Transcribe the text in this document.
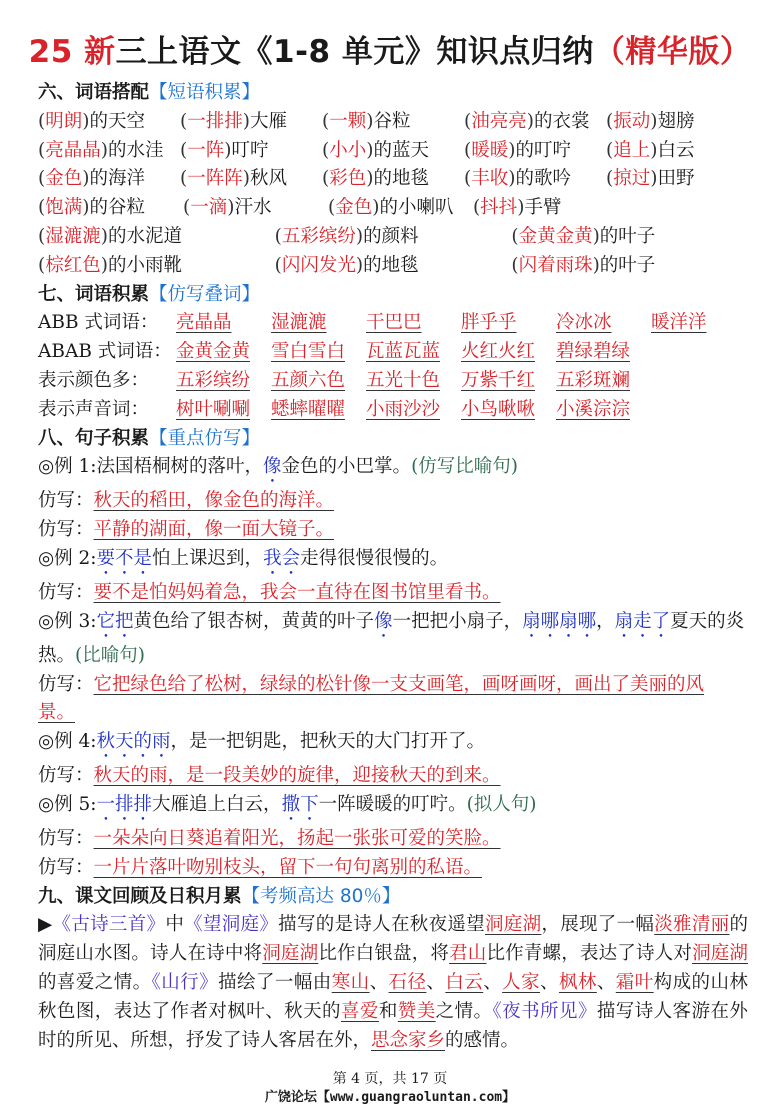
25 新三上语文《1-8 单元》知识点归纳（精华版）
六、词语搭配【短语积累】
( 明朗 ) 的天空	( 一排排 ) 大雁	( 一颗 ) 谷粒	( 油亮亮 ) 的衣裳	( 振动 ) 翅膀
( 亮晶晶 ) 的水洼	( 一阵 ) 叮咛	( 小小 ) 的蓝天	( 暖暖 ) 的叮咛	( 追上 ) 白云
( 金色 ) 的海洋	( 一阵阵 ) 秋风	( 彩色 ) 的地毯	( 丰收 ) 的歌吟	( 掠过 ) 田野
( 饱满 ) 的谷粒	( 一滴 ) 汗水	( 金色 ) 的小喇叭	( 抖抖 ) 手臂
( 湿漉漉 ) 的水泥道	( 五彩缤纷 ) 的颜料	( 金黄金黄 ) 的叶子
( 棕红色 ) 的小雨靴	( 闪闪发光 ) 的地毯	( 闪着雨珠 ) 的叶子
七、词语积累【仿写叠词】
ABB 式词语： 亮晶晶	湿漉漉	干巴巴	胖乎乎	冷冰冰	暖洋洋
ABAB 式词语： 金黄金黄	雪白雪白	瓦蓝瓦蓝	火红火红	碧绿碧绿
表示颜色多：	五彩缤纷	五颜六色	五光十色	万紫千红	五彩斑斓
表示声音词：	树叶唰唰	蟋蟀曜曜	小雨沙沙	小鸟啾啾	小溪淙淙
八、句子积累【重点仿写】
◎例 1:法国梧桐树的落叶，像金色的小巴掌。(仿写比喻句)
仿写：秋天的稻田，像金色的海洋。
仿写：平静的湖面，像一面大镜子。
◎例 2:要不是怕上课迟到，我会走得很慢很慢的。
仿写：要不是怕妈妈着急，我会一直待在图书馆里看书。
◎例 3:它把黄色给了银杏树，黄黄的叶子像一把把小扇子，扇哪扇哪，扇走了夏天的炎热。(比喻句)
仿写：它把绿色给了松树，绿绿的松针像一支支画笔，画呀画呀，画出了美丽的风景。
◎例 4:秋天的雨，是一把钥匙，把秋天的大门打开了。
仿写：秋天的雨，是一段美妙的旋律，迎接秋天的到来。
◎例 5:一排排大雁追上白云，撒下一阵暖暖的叮咛。(拟人句)
仿写：一朵朵向日葵追着阳光，扬起一张张可爱的笑脸。
仿写：一片片落叶吻别枝头，留下一句句离别的私语。
九、课文回顾及日积月累【考频高达 80％】
▶《古诗三首》中《望洞庭》描写的是诗人在秋夜遥望洞庭湖，展现了一幅淡雅清丽的洞庭山水图。诗人在诗中将洞庭湖比作白银盘，将君山比作青螺，表达了诗人对洞庭湖的喜爱之情。《山行》描绘了一幅由寒山、石径、白云、人家、枫林、霜叶构成的山林秋色图，表达了作者对枫叶、秋天的喜爱和赞美之情。《夜书所见》描写诗人客游在外时的所见、所想，抒发了诗人客居在外，思念家乡的感情。
第 4 页，共 17 页
广饶论坛【www.guangraoluntan.com】
